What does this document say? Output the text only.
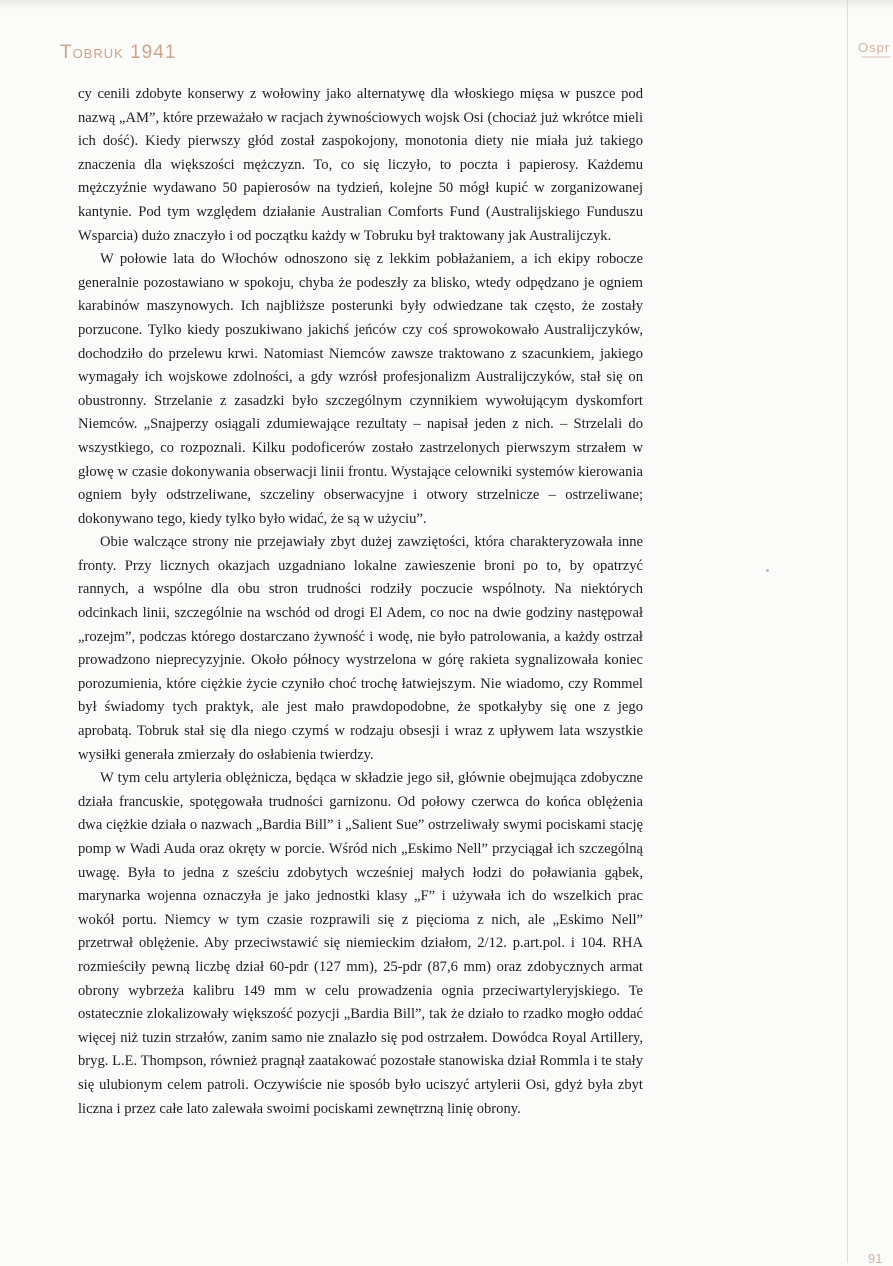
Tobruk 1941	Ospr

cy cenili zdobyte konserwy z wołowiny jako alternatywę dla włoskiego mięsa w puszce pod nazwą „AM”, które przeważało w racjach żywnościowych wojsk Osi (chociaż już wkrótce mieli ich dość). Kiedy pierwszy głód został zaspokojony, monotonia diety nie miała już takiego znaczenia dla większości mężczyzn. To, co się liczyło, to poczta i papierosy. Każdemu mężczyźnie wydawano 50 papierosów na tydzień, kolejne 50 mógł kupić w zorganizowanej kantynie. Pod tym względem działanie Australian Comforts Fund (Australijskiego Funduszu Wsparcia) dużo znaczyło i od początku każdy w Tobruku był traktowany jak Australijczyk.

W połowie lata do Włochów odnoszono się z lekkim pobłażaniem, a ich ekipy robocze generalnie pozostawiano w spokoju, chyba że podeszły za blisko, wtedy odpędzano je ogniem karabinów maszynowych. Ich najbliższe posterunki były odwiedzane tak często, że zostały porzucone. Tylko kiedy poszukiwano jakichś jeńców czy coś sprowokowało Australijczyków, dochodziło do przelewu krwi. Natomiast Niemców zawsze traktowano z szacunkiem, jakiego wymagały ich wojskowe zdolności, a gdy wzrósł profesjonalizm Australijczyków, stał się on obustronny. Strzelanie z zasadzki było szczególnym czynnikiem wywołującym dyskomfort Niemców. „Snajperzy osiągali zdumiewające rezultaty – napisał jeden z nich. – Strzelali do wszystkiego, co rozpoznali. Kilku podoficerów zostało zastrzelonych pierwszym strzałem w głowę w czasie dokonywania obserwacji linii frontu. Wystające celowniki systemów kierowania ogniem były odstrzeliwane, szczeliny obserwacyjne i otwory strzelnicze – ostrzeliwane; dokonywano tego, kiedy tylko było widać, że są w użyciu”.

Obie walczące strony nie przejawiały zbyt dużej zawziętości, która charakteryzowała inne fronty. Przy licznych okazjach uzgadniano lokalne zawieszenie broni po to, by opatrzyć rannych, a wspólne dla obu stron trudności rodziły poczucie wspólnoty. Na niektórych odcinkach linii, szczególnie na wschód od drogi El Adem, co noc na dwie godziny następował „rozejm”, podczas którego dostarczano żywność i wodę, nie było patrolowania, a każdy ostrzał prowadzono nieprecyzyjnie. Około północy wystrzelona w górę rakieta sygnalizowała koniec porozumienia, które ciężkie życie czyniło choć trochę łatwiejszym. Nie wiadomo, czy Rommel był świadomy tych praktyk, ale jest mało prawdopodobne, że spotkałyby się one z jego aprobatą. Tobruk stał się dla niego czymś w rodzaju obsesji i wraz z upływem lata wszystkie wysiłki generała zmierzały do osłabienia twierdzy.

W tym celu artyleria oblężnicza, będąca w składzie jego sił, głównie obejmująca zdobyczne działa francuskie, spotęgowała trudności garnizonu. Od połowy czerwca do końca oblężenia dwa ciężkie działa o nazwach „Bardia Bill” i „Salient Sue” ostrzeliwały swymi pociskami stację pomp w Wadi Auda oraz okręty w porcie. Wśród nich „Eskimo Nell” przyciągał ich szczególną uwagę. Była to jedna z sześciu zdobytych wcześniej małych łodzi do poławiania gąbek, marynarka wojenna oznaczyła je jako jednostki klasy „F” i używała ich do wszelkich prac wokół portu. Niemcy w tym czasie rozprawili się z pięcioma z nich, ale „Eskimo Nell” przetrwał oblężenie. Aby przeciwstawić się niemieckim działom, 2/12. p.art.pol. i 104. RHA rozmieściły pewną liczbę dział 60-pdr (127 mm), 25-pdr (87,6 mm) oraz zdobycznych armat obrony wybrzeża kalibru 149 mm w celu prowadzenia ognia przeciwartyleryjskiego. Te ostatecznie zlokalizowały większość pozycji „Bardia Bill”, tak że działo to rzadko mogło oddać więcej niż tuzin strzałów, zanim samo nie znalazło się pod ostrzałem. Dowódca Royal Artillery, bryg. L.E. Thompson, również pragnął zaatakować pozostałe stanowiska dział Rommla i te stały się ulubionym celem patroli. Oczywiście nie sposób było uciszyć artylerii Osi, gdyż była zbyt liczna i przez całe lato zalewała swoimi pociskami zewnętrzną linię obrony.

91
